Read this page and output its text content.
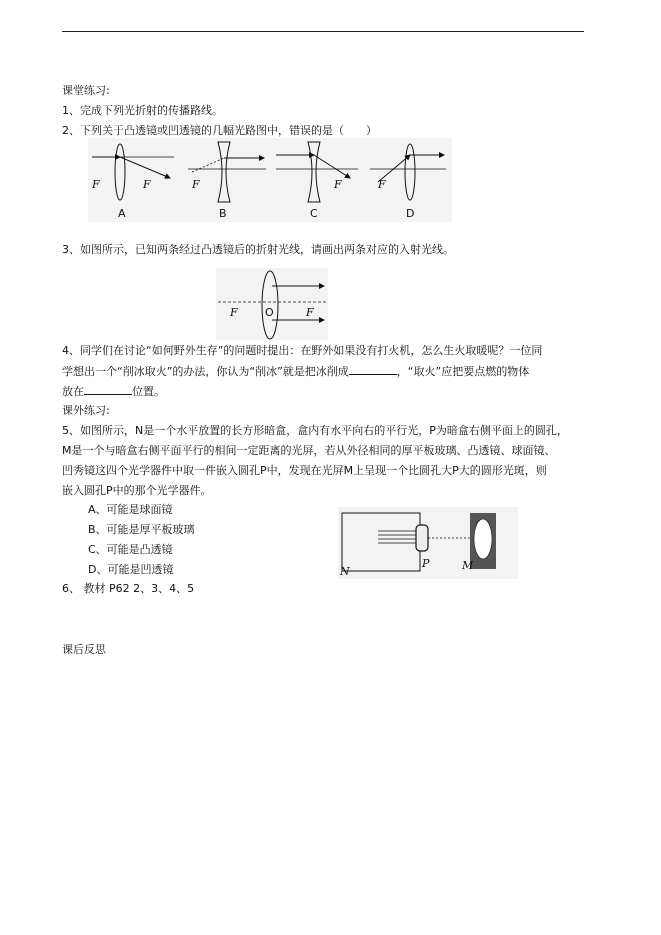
课堂练习:
1、完成下列光折射的传播路线。
2、下列关于凸透镜或凹透镜的几幅光路图中，错误的是（　　）
F	F
A
F
B
F
C
F
D
3、如图所示，已知两条经过凸透镜后的折射光线，请画出两条对应的入射光线。
F O	F
4、同学们在讨论“如何野外生存”的问题时提出：在野外如果没有打火机，怎么生火取暖呢？一位同
学想出一个“削冰取火”的办法，你认为“削冰”就是把冰削成	，“取火”应把要点燃的物体
放在	位置。
课外练习:
5、如图所示，N是一个水平放置的长方形暗盒，盒内有水平向右的平行光，P为暗盒右侧平面上的圆孔，
M是一个与暗盒右侧平面平行的相间一定距离的光屏，若从外径相同的厚平板玻璃、凸透镜、球面镜、
凹秀镜这四个光学器件中取一件嵌入圆孔P中，发现在光屏M上呈现一个比圆孔大P大的圆形光斑，则
嵌入圆孔P中的那个光学器件。
A、可能是球面镜
B、可能是厚平板玻璃
C、可能是凸透镜
D、可能是凹透镜	N
P	M
6、 教材 P62 2、3、4、5
课后反思
